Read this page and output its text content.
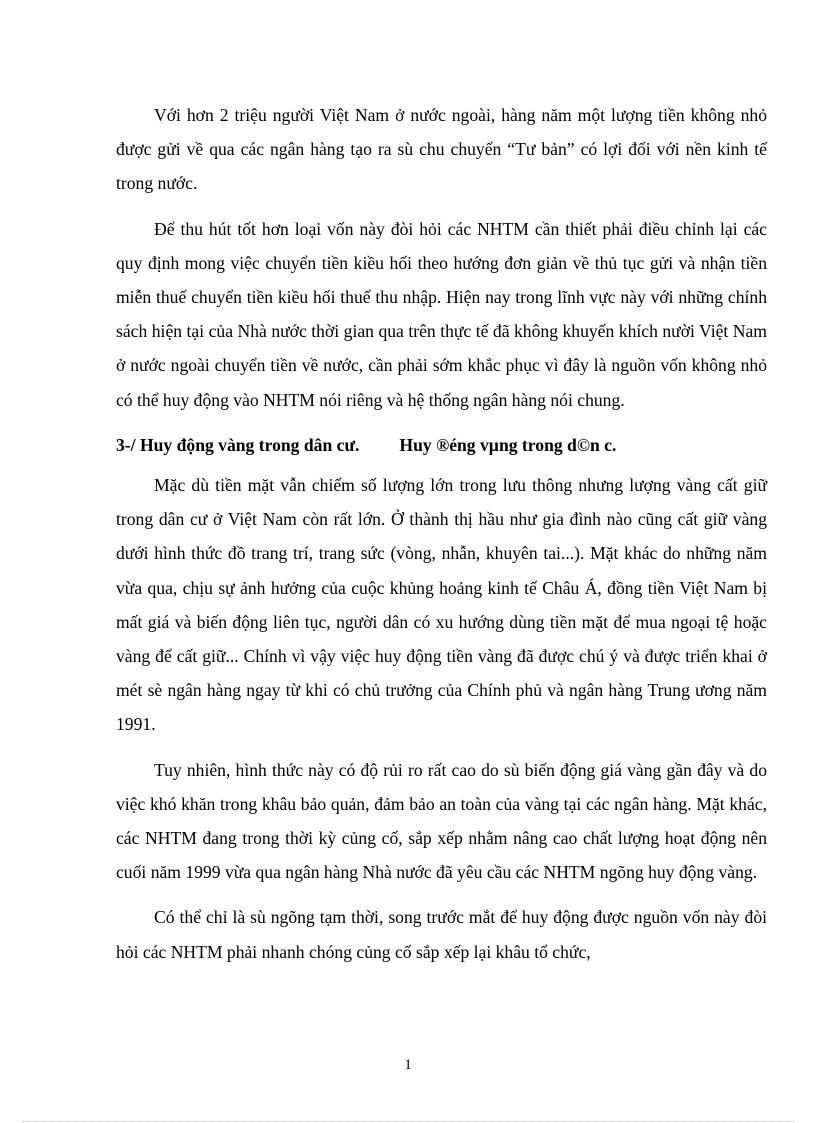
Với hơn 2 triệu người Việt Nam ở nước ngoài, hàng năm một lượng tiền không nhỏ được gửi về qua các ngân hàng tạo ra sù chu chuyển “Tư bản” có lợi đối với nền kinh tế trong nước.

Để thu hút tốt hơn loại vốn này đòi hỏi các NHTM cần thiết phải điều chỉnh lại các quy định mong việc chuyển tiền kiều hối theo hướng đơn giản về thủ tục gửi và nhận tiền miễn thuế chuyển tiền kiều hối thuế thu nhập. Hiện nay trong lĩnh vực này với những chính sách hiện tại của Nhà nước thời gian qua trên thực tế đã không khuyến khích nười Việt Nam ở nước ngoài chuyển tiền về nước, cần phải sớm khắc phục vì đây là nguồn vốn không nhỏ có thể huy động vào NHTM nói riêng và hệ thống ngân hàng nói chung.

3-/ Huy động vàng trong dân cư. Huy ®éng vµng trong d©n c.

Mặc dù tiền mặt vẫn chiếm số lượng lớn trong lưu thông nhưng lượng vàng cất giữ trong dân cư ở Việt Nam còn rất lớn. Ở thành thị hầu như gia đình nào cũng cất giữ vàng dưới hình thức đồ trang trí, trang sức (vòng, nhẫn, khuyên tai...). Mặt khác do những năm vừa qua, chịu sự ảnh hưởng của cuộc khủng hoảng kinh tế Châu Á, đồng tiền Việt Nam bị mất giá và biến động liên tục, người dân có xu hướng dùng tiền mặt để mua ngoại tệ hoặc vàng để cất giữ... Chính vì vậy việc huy động tiền vàng đã được chú ý và được triển khai ở mét sè ngân hàng ngay từ khi có chủ trưởng của Chính phủ và ngân hàng Trung ương năm 1991.

Tuy nhiên, hình thức này có độ rủi ro rất cao do sù biến động giá vàng gần đây và do việc khó khăn trong khâu bảo quản, đảm bảo an toàn của vàng tại các ngân hàng. Mặt khác, các NHTM đang trong thời kỳ củng cố, sắp xếp nhằm nâng cao chất lượng hoạt động nên cuối năm 1999 vừa qua ngân hàng Nhà nước đã yêu cầu các NHTM ngõng huy động vàng.

Có thể chỉ là sù ngõng tạm thời, song trước mắt để huy động được nguồn vốn này đòi hỏi các NHTM phải nhanh chóng củng cố sắp xếp lại khâu tổ chức,

1
